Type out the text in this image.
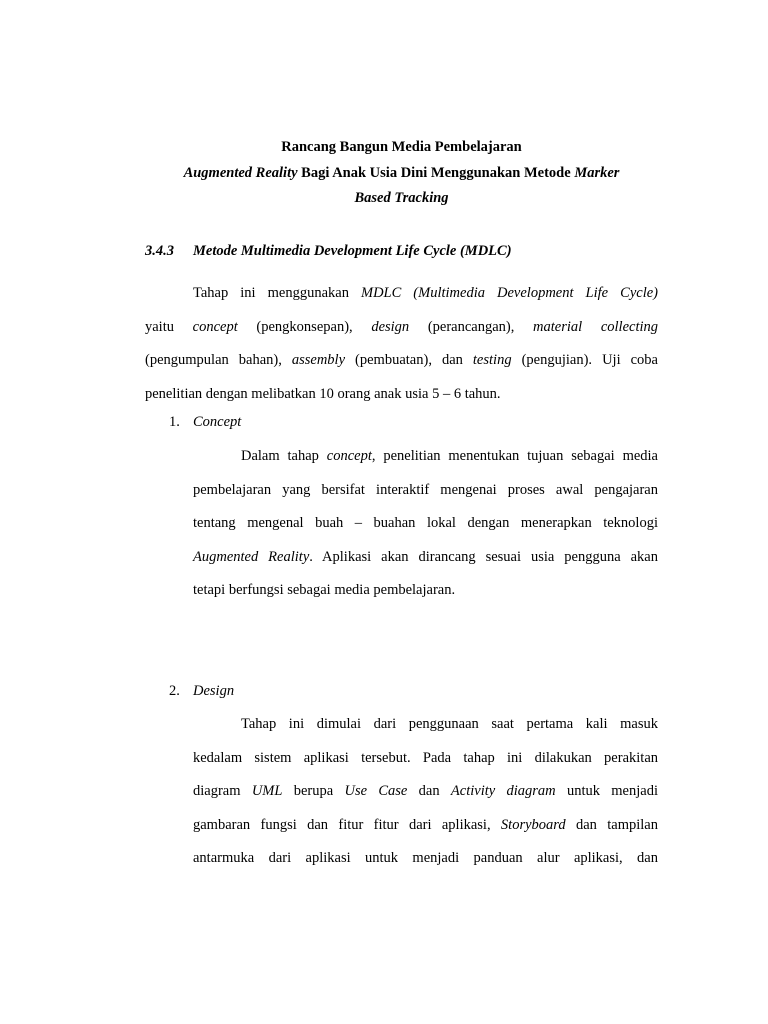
Rancang Bangun Media Pembelajaran
Augmented Reality Bagi Anak Usia Dini Menggunakan Metode Marker
Based Tracking
3.4.3 Metode Multimedia Development Life Cycle (MDLC)
Tahap ini menggunakan MDLC (Multimedia Development Life Cycle)
yaitu concept (pengkonsepan), design (perancangan), material collecting
(pengumpulan bahan), assembly (pembuatan), dan testing (pengujian). Uji coba
penelitian dengan melibatkan 10 orang anak usia 5 – 6 tahun.
1. Concept
Dalam tahap concept, penelitian menentukan tujuan sebagai media
pembelajaran yang bersifat interaktif mengenai proses awal pengajaran
tentang mengenal buah – buahan lokal dengan menerapkan teknologi
Augmented Reality. Aplikasi akan dirancang sesuai usia pengguna akan
tetapi berfungsi sebagai media pembelajaran.
2. Design
Tahap ini dimulai dari penggunaan saat pertama kali masuk
kedalam sistem aplikasi tersebut. Pada tahap ini dilakukan perakitan
diagram UML berupa Use Case dan Activity diagram untuk menjadi
gambaran fungsi dan fitur fitur dari aplikasi, Storyboard dan tampilan
antarmuka dari aplikasi untuk menjadi panduan alur aplikasi, dan
